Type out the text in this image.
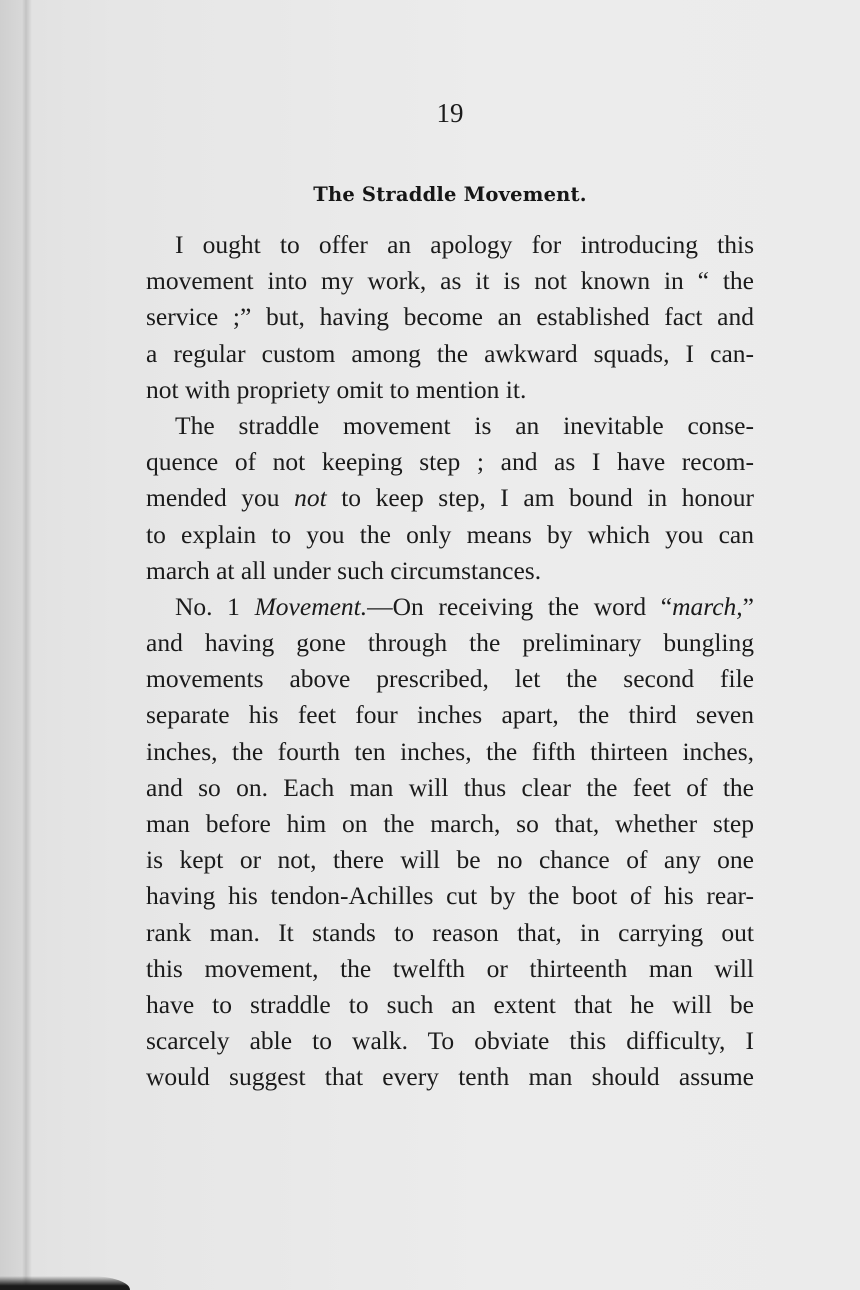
19
The Straddle Movement.
I ought to offer an apology for introducing this
movement into my work, as it is not known in “ the
service ;” but, having become an established fact and
a regular custom among the awkward squads, I can-
not with propriety omit to mention it.
The straddle movement is an inevitable conse-
quence of not keeping step ; and as I have recom-
mended you not to keep step, I am bound in honour
to explain to you the only means by which you can
march at all under such circumstances.
No. 1 Movement.—On receiving the word “march,”
and having gone through the preliminary bungling
movements above prescribed, let the second file
separate his feet four inches apart, the third seven
inches, the fourth ten inches, the fifth thirteen inches,
and so on. Each man will thus clear the feet of the
man before him on the march, so that, whether step
is kept or not, there will be no chance of any one
having his tendon-Achilles cut by the boot of his rear-
rank man. It stands to reason that, in carrying out
this movement, the twelfth or thirteenth man will
have to straddle to such an extent that he will be
scarcely able to walk. To obviate this difficulty, I
would suggest that every tenth man should assume
